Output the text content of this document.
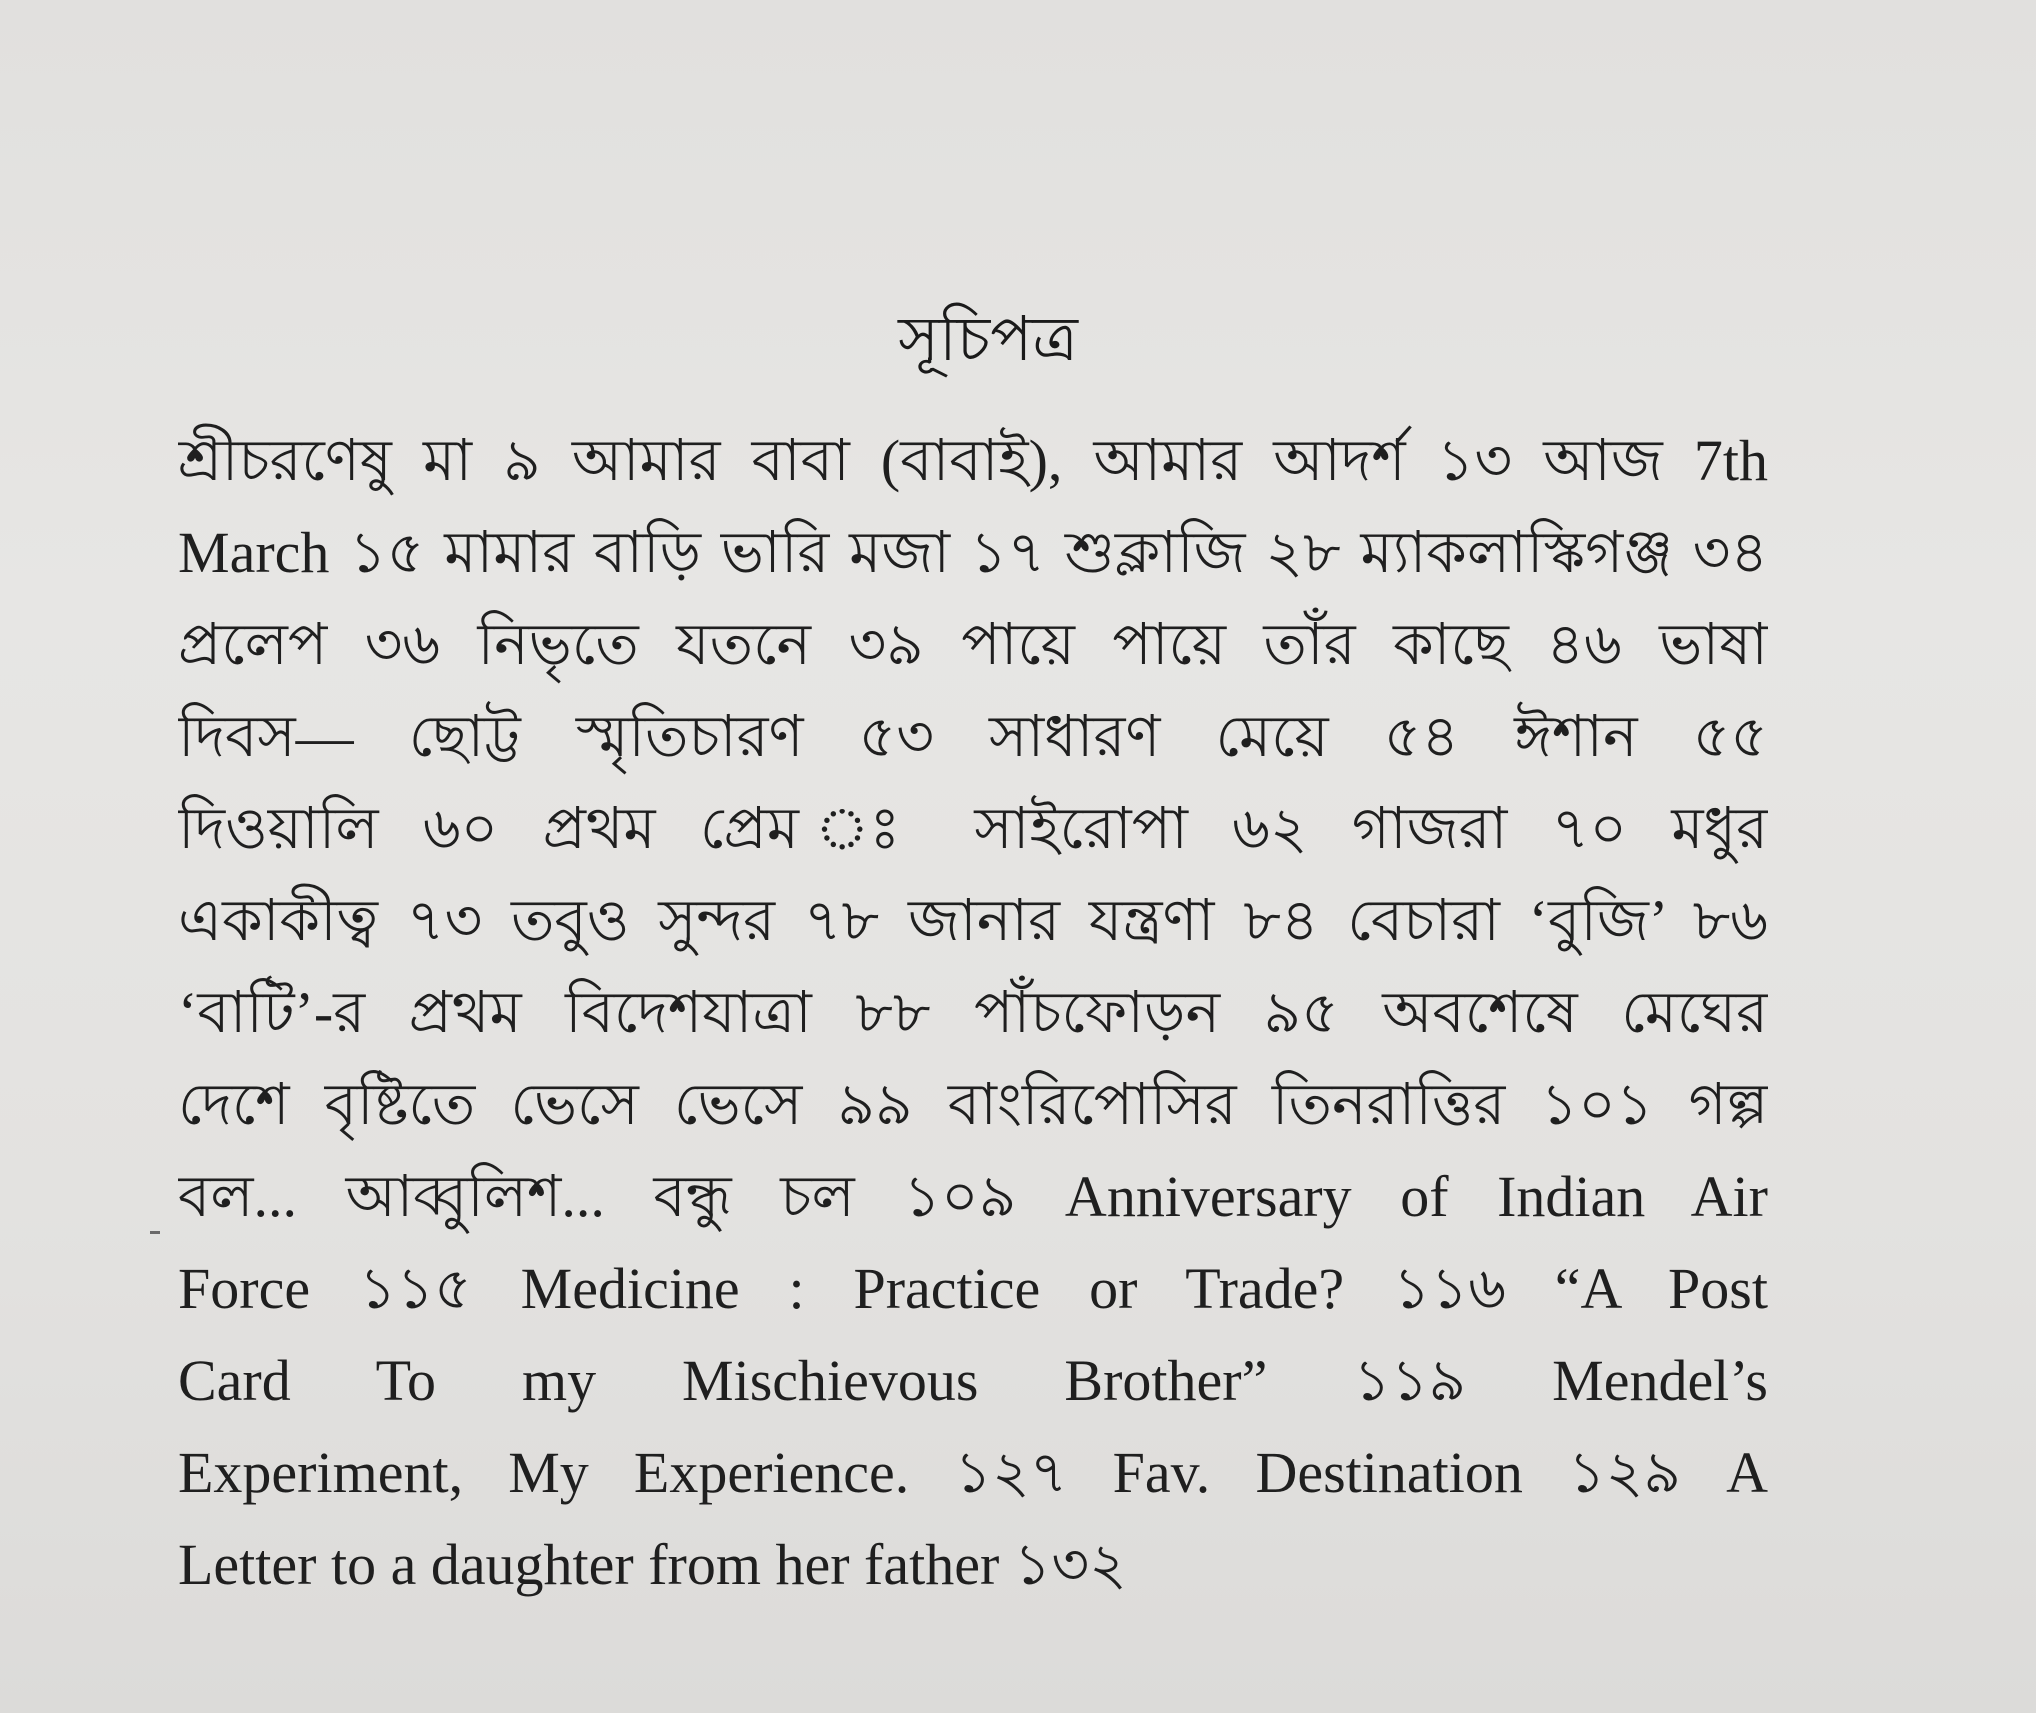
সূচিপত্র
শ্রীচরণেষু মা ৯ আমার বাবা (বাবাই), আমার আদর্শ ১৩ আজ 7th
March ১৫ মামার বাড়ি ভারি মজা ১৭ শুক্লাজি ২৮ ম্যাকলাস্কিগঞ্জ ৩৪
প্রলেপ ৩৬ নিভৃতে যতনে ৩৯ পায়ে পায়ে তাঁর কাছে ৪৬ ভাষা
দিবস— ছোট্ট স্মৃতিচারণ ৫৩ সাধারণ মেয়ে ৫৪ ঈশান ৫৫
দিওয়ালি ৬০ প্রথম প্রেম ঃ সাইরোপা ৬২ গাজরা ৭০ মধুর
একাকীত্ব ৭৩ তবুও সুন্দর ৭৮ জানার যন্ত্রণা ৮৪ বেচারা ‘বুজি’ ৮৬
‘বাটি’-র প্রথম বিদেশযাত্রা ৮৮ পাঁচফোড়ন ৯৫ অবশেষে মেঘের
দেশে বৃষ্টিতে ভেসে ভেসে ৯৯ বাংরিপোসির তিনরাত্তির ১০১ গল্প
বল... আব্বুলিশ... বন্ধু চল ১০৯ Anniversary of Indian Air
Force ১১৫ Medicine : Practice or Trade? ১১৬ “A Post
Card To my Mischievous Brother” ১১৯ Mendel’s
Experiment, My Experience. ১২৭ Fav. Destination ১২৯ A
Letter to a daughter from her father ১৩২
